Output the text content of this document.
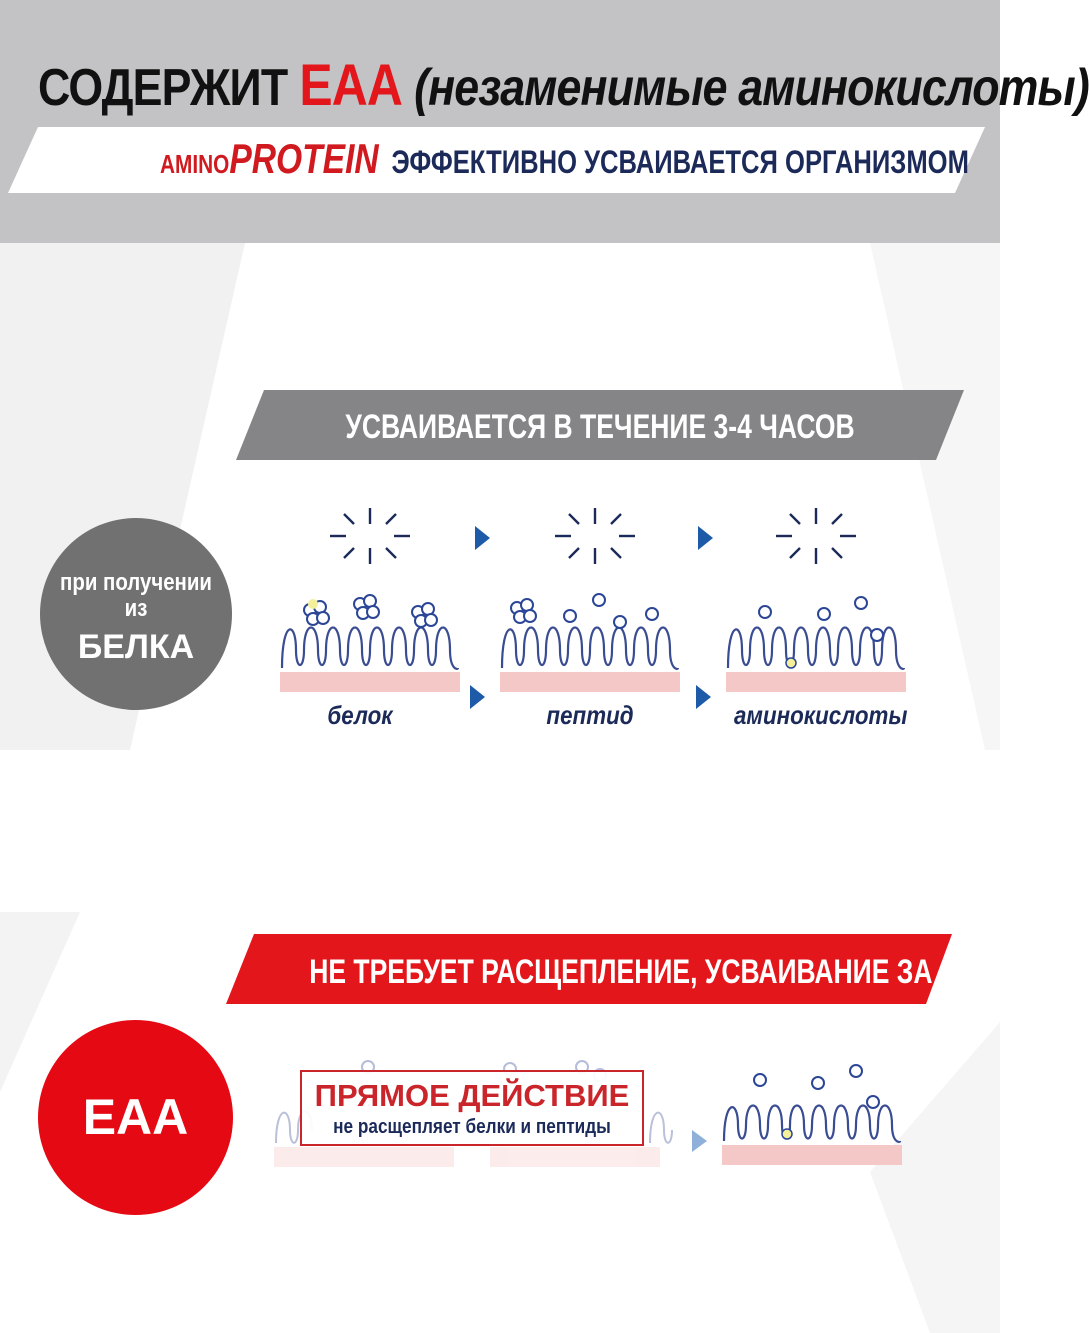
СОДЕРЖИТ EAA (незаменимые аминокислоты)
AMINOPROTEIN ЭФФЕКТИВНО УСВАИВАЕТСЯ ОРГАНИЗМОМ
УСВАИВАЕТСЯ В ТЕЧЕНИЕ 3-4 ЧАСОВ
при получении из
БЕЛКА
белок	пептид	аминокислоты
НЕ ТРЕБУЕТ РАСЩЕПЛЕНИЕ, УСВАИВАНИЕ ЗА 30 МИНУТ
EAA	ПРЯМОЕ ДЕЙСТВИЕ
не расщепляет белки и пептиды
